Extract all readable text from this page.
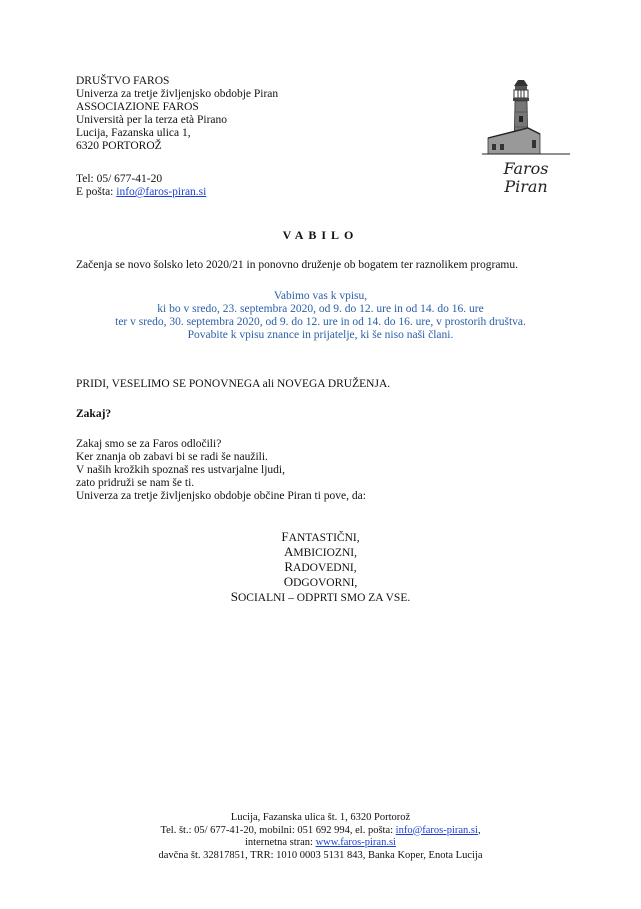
DRUŠTVO FAROS
Univerza za tretje življenjsko obdobje Piran
ASSOCIAZIONE FAROS
Università per la terza età Pirano
Lucija, Fazanska ulica 1,
6320 PORTOROŽ
Tel: 05/ 677-41-20
E pošta: info@faros-piran.si
Faros Piran
VABILO
Začenja se novo šolsko leto 2020/21 in ponovno druženje ob bogatem ter raznolikem programu.
Vabimo vas k vpisu,
ki bo v sredo, 23. septembra 2020, od 9. do 12. ure in od 14. do 16. ure
ter v sredo, 30. septembra 2020, od 9. do 12. ure in od 14. do 16. ure, v prostorih društva.
Povabite k vpisu znance in prijatelje, ki še niso naši člani.
PRIDI, VESELIMO SE PONOVNEGA ali NOVEGA DRUŽENJA.
Zakaj?
Zakaj smo se za Faros odločili?
Ker znanja ob zabavi bi se radi še naužili.
V naših krožkih spoznaš res ustvarjalne ljudi,
zato pridruži se nam še ti.
Univerza za tretje življenjsko obdobje občine Piran ti pove, da:
FANTASTIČNI,
AMBICIOZNI,
RADOVEDNI,
ODGOVORNI,
SOCIALNI – ODPRTI SMO ZA VSE.
Lucija, Fazanska ulica št. 1, 6320 Portorož
Tel. št.: 05/ 677-41-20, mobilni: 051 692 994, el. pošta: info@faros-piran.si,
internetna stran: www.faros-piran.si
davčna št. 32817851, TRR: 1010 0003 5131 843, Banka Koper, Enota Lucija
